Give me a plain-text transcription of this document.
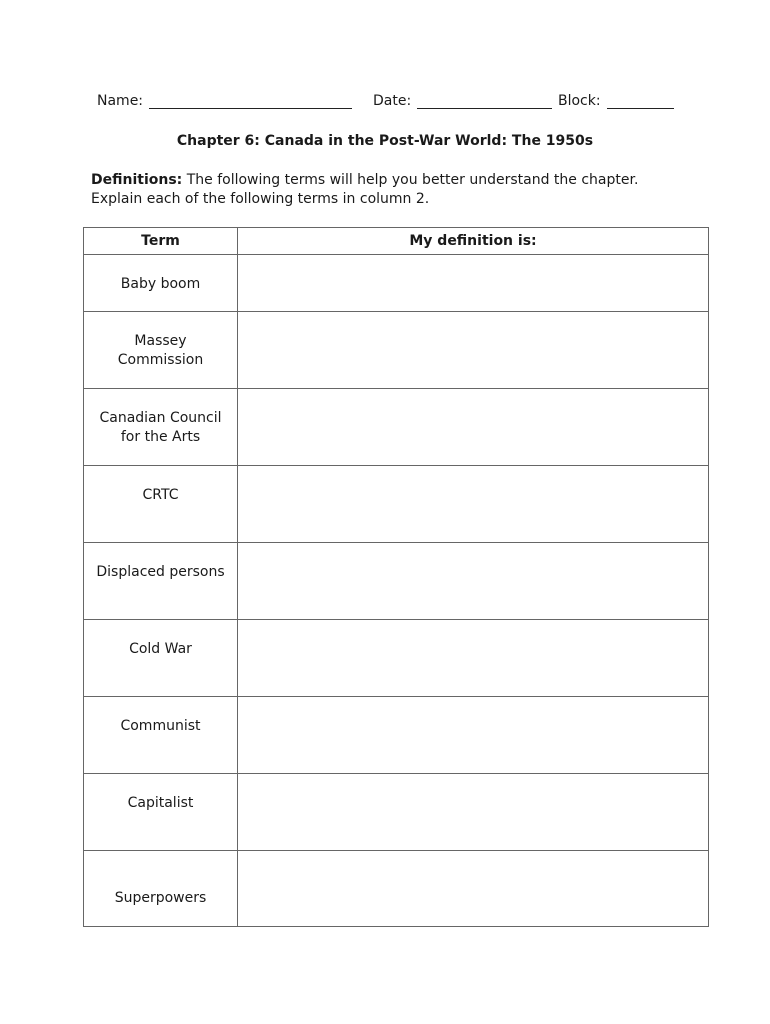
Name:	Date:	Block:
Chapter 6: Canada in the Post-War World: The 1950s
Definitions: The following terms will help you better understand the chapter.
Explain each of the following terms in column 2.
Term	My definition is:

Baby boom	

Massey Commission	

Canadian Council for the Arts	

CRTC	

Displaced persons	

Cold War	

Communist	

Capitalist	

Superpowers	
